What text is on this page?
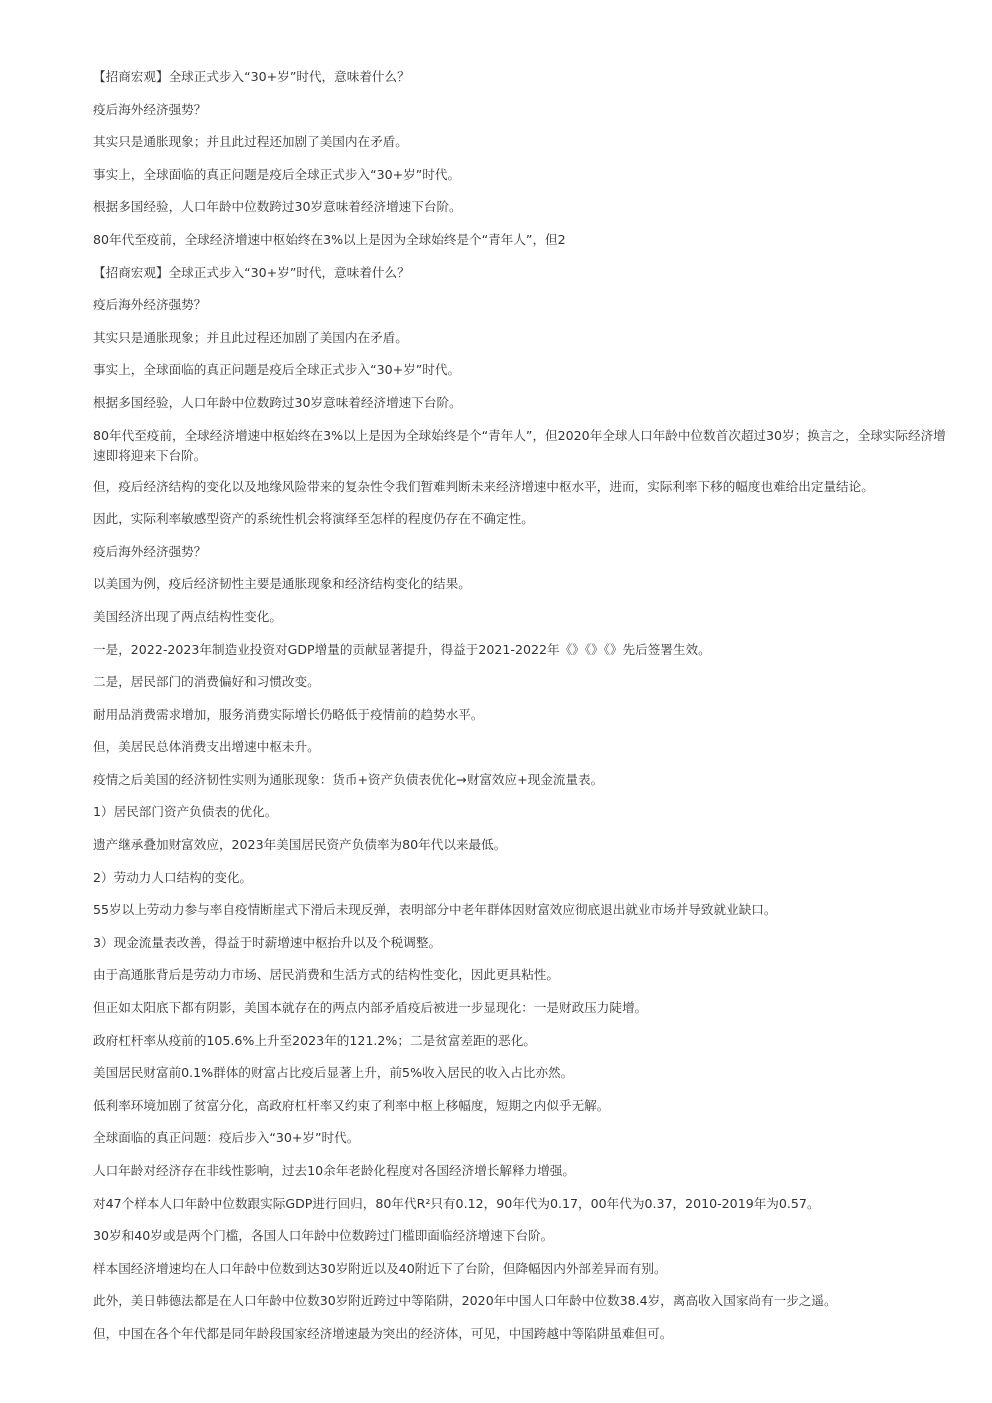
【招商宏观】全球正式步入“30+岁”时代，意味着什么？

疫后海外经济强势？

其实只是通胀现象；并且此过程还加剧了美国内在矛盾。

事实上，全球面临的真正问题是疫后全球正式步入“30+岁”时代。

根据多国经验，人口年龄中位数跨过30岁意味着经济增速下台阶。

80年代至疫前，全球经济增速中枢始终在3%以上是因为全球始终是个“青年人”，但2

【招商宏观】全球正式步入“30+岁”时代，意味着什么？

疫后海外经济强势？

其实只是通胀现象；并且此过程还加剧了美国内在矛盾。

事实上，全球面临的真正问题是疫后全球正式步入“30+岁”时代。

根据多国经验，人口年龄中位数跨过30岁意味着经济增速下台阶。

80年代至疫前，全球经济增速中枢始终在3%以上是因为全球始终是个“青年人”，但2020年全球人口年龄中位数首次超过30岁；换言之，全球实际经济增速即将迎来下台阶。

但，疫后经济结构的变化以及地缘风险带来的复杂性令我们暂难判断未来经济增速中枢水平，进而，实际利率下移的幅度也难给出定量结论。

因此，实际利率敏感型资产的系统性机会将演绎至怎样的程度仍存在不确定性。

疫后海外经济强势？

以美国为例，疫后经济韧性主要是通胀现象和经济结构变化的结果。

美国经济出现了两点结构性变化。

一是，2022-2023年制造业投资对GDP增量的贡献显著提升，得益于2021-2022年《》《》《》先后签署生效。

二是，居民部门的消费偏好和习惯改变。

耐用品消费需求增加，服务消费实际增长仍略低于疫情前的趋势水平。

但，美居民总体消费支出增速中枢未升。

疫情之后美国的经济韧性实则为通胀现象：货币+资产负债表优化→财富效应+现金流量表。

1）居民部门资产负债表的优化。

遗产继承叠加财富效应，2023年美国居民资产负债率为80年代以来最低。

2）劳动力人口结构的变化。

55岁以上劳动力参与率自疫情断崖式下滑后未现反弹，表明部分中老年群体因财富效应彻底退出就业市场并导致就业缺口。

3）现金流量表改善，得益于时薪增速中枢抬升以及个税调整。

由于高通胀背后是劳动力市场、居民消费和生活方式的结构性变化，因此更具粘性。

但正如太阳底下都有阴影，美国本就存在的两点内部矛盾疫后被进一步显现化：一是财政压力陡增。

政府杠杆率从疫前的105.6%上升至2023年的121.2%；二是贫富差距的恶化。

美国居民财富前0.1%群体的财富占比疫后显著上升，前5%收入居民的收入占比亦然。

低利率环境加剧了贫富分化，高政府杠杆率又约束了利率中枢上移幅度，短期之内似乎无解。

全球面临的真正问题：疫后步入“30+岁”时代。

人口年龄对经济存在非线性影响，过去10余年老龄化程度对各国经济增长解释力增强。

对47个样本人口年龄中位数跟实际GDP进行回归，80年代R²只有0.12，90年代为0.17，00年代为0.37，2010-2019年为0.57。

30岁和40岁或是两个门槛，各国人口年龄中位数跨过门槛即面临经济增速下台阶。

样本国经济增速均在人口年龄中位数到达30岁附近以及40附近下了台阶，但降幅因内外部差异而有别。

此外，美日韩德法都是在人口年龄中位数30岁附近跨过中等陷阱，2020年中国人口年龄中位数38.4岁，离高收入国家尚有一步之遥。

但，中国在各个年代都是同年龄段国家经济增速最为突出的经济体，可见，中国跨越中等陷阱虽难但可。
